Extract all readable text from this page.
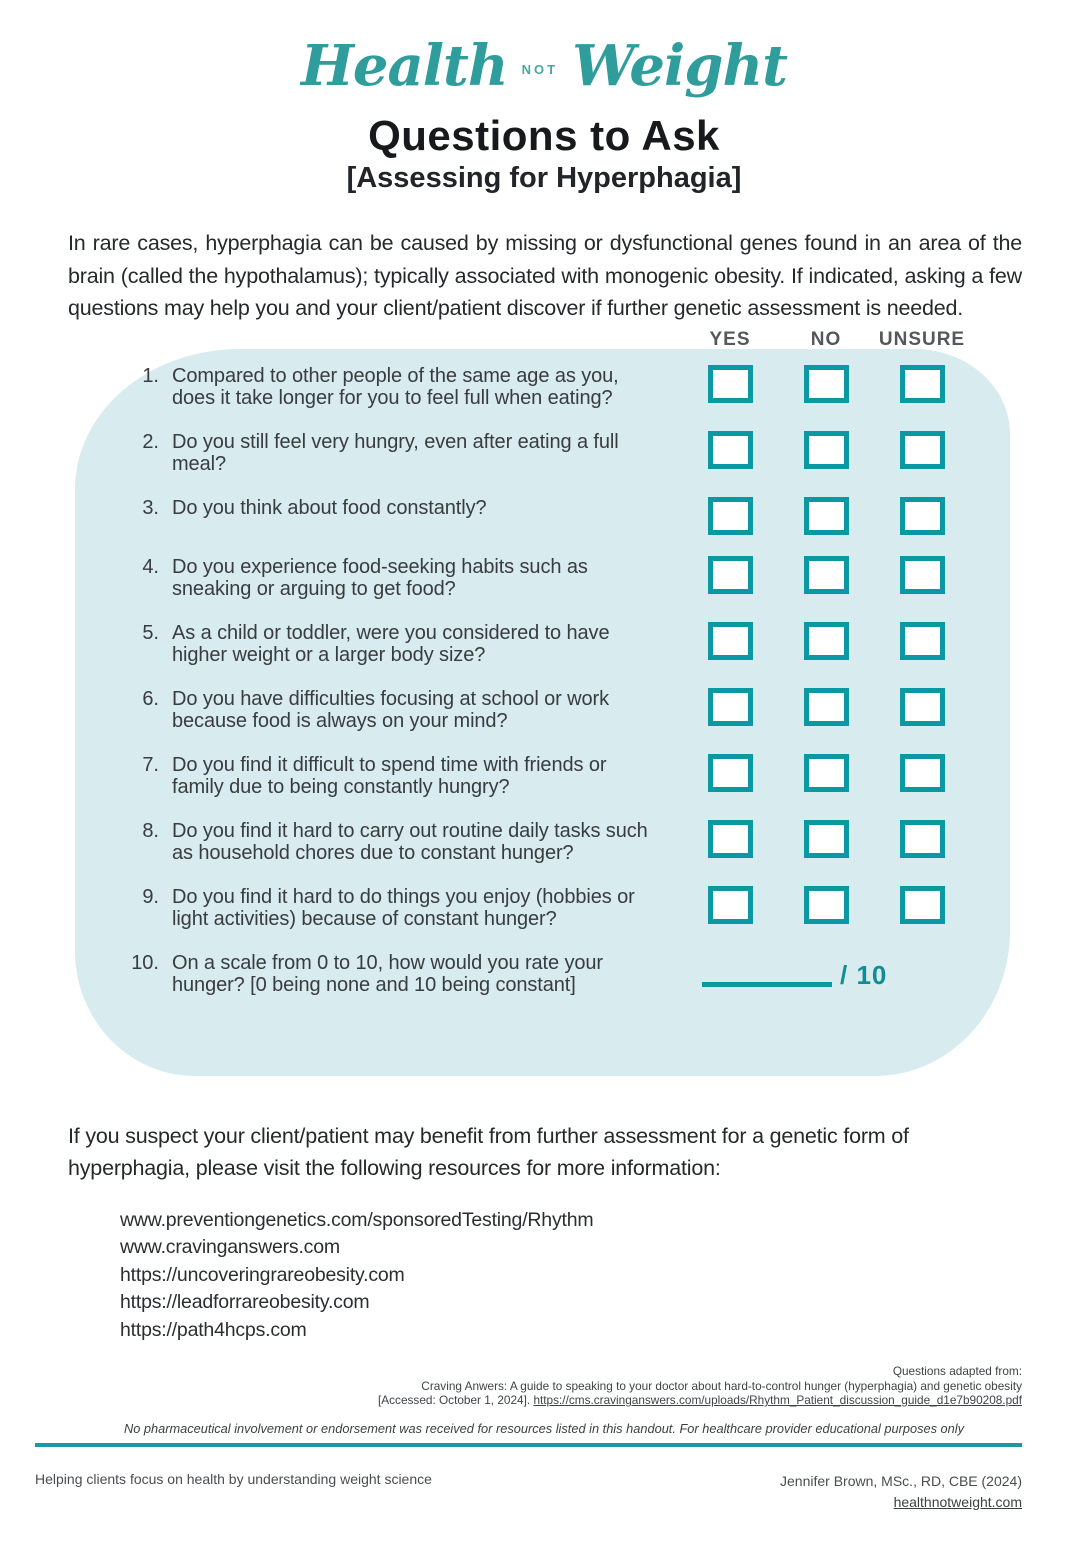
Health NOT Weight
Questions to Ask
[Assessing for Hyperphagia]

In rare cases, hyperphagia can be caused by missing or dysfunctional genes found in an area of the brain (called the hypothalamus); typically associated with monogenic obesity. If indicated, asking a few questions may help you and your client/patient discover if further genetic assessment is needed.

YES	NO	UNSURE
1. Compared to other people of the same age as you, does it take longer for you to feel full when eating?
2. Do you still feel very hungry, even after eating a full meal?
3. Do you think about food constantly?
4. Do you experience food-seeking habits such as sneaking or arguing to get food?
5. As a child or toddler, were you considered to have higher weight or a larger body size?
6. Do you have difficulties focusing at school or work because food is always on your mind?
7. Do you find it difficult to spend time with friends or family due to being constantly hungry?
8. Do you find it hard to carry out routine daily tasks such as household chores due to constant hunger?
9. Do you find it hard to do things you enjoy (hobbies or light activities) because of constant hunger?
10. On a scale from 0 to 10, how would you rate your hunger? [0 being none and 10 being constant]	/ 10

If you suspect your client/patient may benefit from further assessment for a genetic form of hyperphagia, please visit the following resources for more information:

www.preventiongenetics.com/sponsoredTesting/Rhythm
www.cravinganswers.com
https://uncoveringrareobesity.com
https://leadforrareobesity.com
https://path4hcps.com
Questions adapted from:
Craving Anwers: A guide to speaking to your doctor about hard-to-control hunger (hyperphagia) and genetic obesity
[Accessed: October 1, 2024]. https://cms.cravinganswers.com/uploads/Rhythm_Patient_discussion_guide_d1e7b90208.pdf

No pharmaceutical involvement or endorsement was received for resources listed in this handout. For healthcare provider educational purposes only

Helping clients focus on health by understanding weight science	Jennifer Brown, MSc., RD, CBE (2024)
healthnotweight.com
